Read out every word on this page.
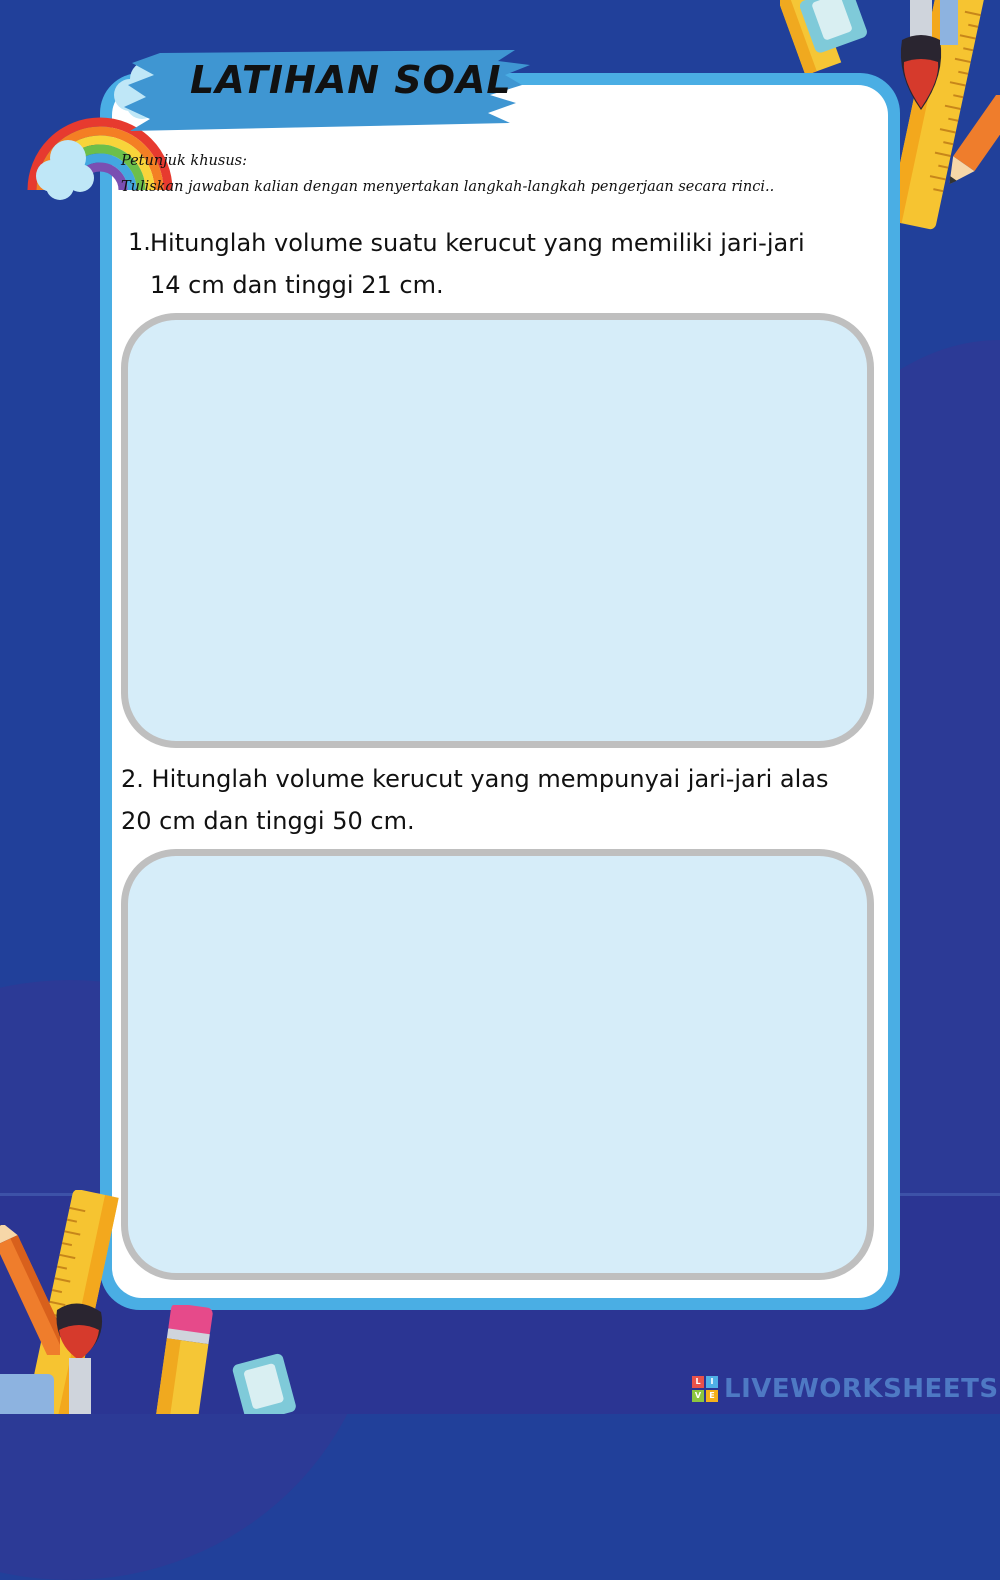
LATIHAN SOAL
Petunjuk khusus:
Tuliskan jawaban kalian dengan menyertakan langkah-langkah pengerjaan secara rinci..
1. Hitunglah volume suatu kerucut yang memiliki jari-jari
14 cm dan tinggi 21 cm.
2. Hitunglah volume kerucut yang mempunyai jari-jari alas
20 cm dan tinggi 50 cm.
L	I
V	E LIVEWORKSHEETS
